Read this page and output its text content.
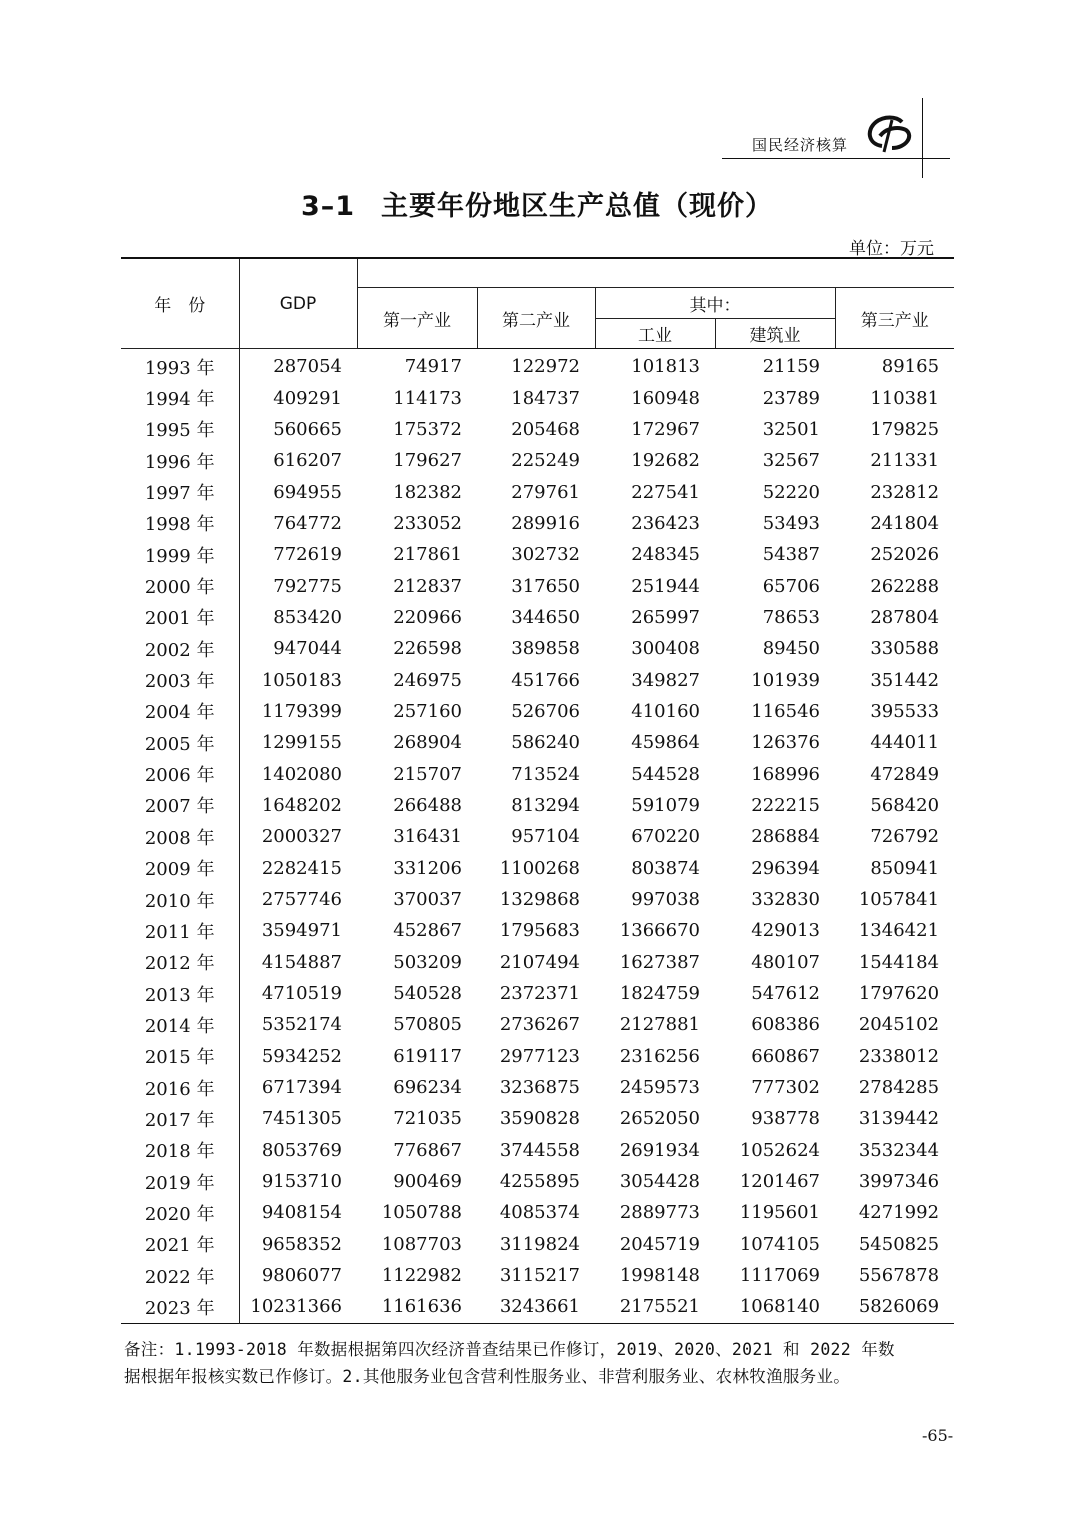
国民经济核算
3–1 主要年份地区生产总值（现价）
单位：万元
年　份	GDP					
		第一产业	第二产业	其中：		第三产业
				工业	建筑业	
1993 年	287054	74917	122972	101813	21159	89165
1994 年	409291	114173	184737	160948	23789	110381
1995 年	560665	175372	205468	172967	32501	179825
1996 年	616207	179627	225249	192682	32567	211331
1997 年	694955	182382	279761	227541	52220	232812
1998 年	764772	233052	289916	236423	53493	241804
1999 年	772619	217861	302732	248345	54387	252026
2000 年	792775	212837	317650	251944	65706	262288
2001 年	853420	220966	344650	265997	78653	287804
2002 年	947044	226598	389858	300408	89450	330588
2003 年	1050183	246975	451766	349827	101939	351442
2004 年	1179399	257160	526706	410160	116546	395533
2005 年	1299155	268904	586240	459864	126376	444011
2006 年	1402080	215707	713524	544528	168996	472849
2007 年	1648202	266488	813294	591079	222215	568420
2008 年	2000327	316431	957104	670220	286884	726792
2009 年	2282415	331206	1100268	803874	296394	850941
2010 年	2757746	370037	1329868	997038	332830	1057841
2011 年	3594971	452867	1795683	1366670	429013	1346421
2012 年	4154887	503209	2107494	1627387	480107	1544184
2013 年	4710519	540528	2372371	1824759	547612	1797620
2014 年	5352174	570805	2736267	2127881	608386	2045102
2015 年	5934252	619117	2977123	2316256	660867	2338012
2016 年	6717394	696234	3236875	2459573	777302	2784285
2017 年	7451305	721035	3590828	2652050	938778	3139442
2018 年	8053769	776867	3744558	2691934	1052624	3532344
2019 年	9153710	900469	4255895	3054428	1201467	3997346
2020 年	9408154	1050788	4085374	2889773	1195601	4271992
2021 年	9658352	1087703	3119824	2045719	1074105	5450825
2022 年	9806077	1122982	3115217	1998148	1117069	5567878
2023 年	10231366	1161636	3243661	2175521	1068140	5826069
备注：1.1993-2018 年数据根据第四次经济普查结果已作修订，2019、2020、2021 和 2022 年数
据根据年报核实数已作修订。2.其他服务业包含营利性服务业、非营利服务业、农林牧渔服务业。
-65-
